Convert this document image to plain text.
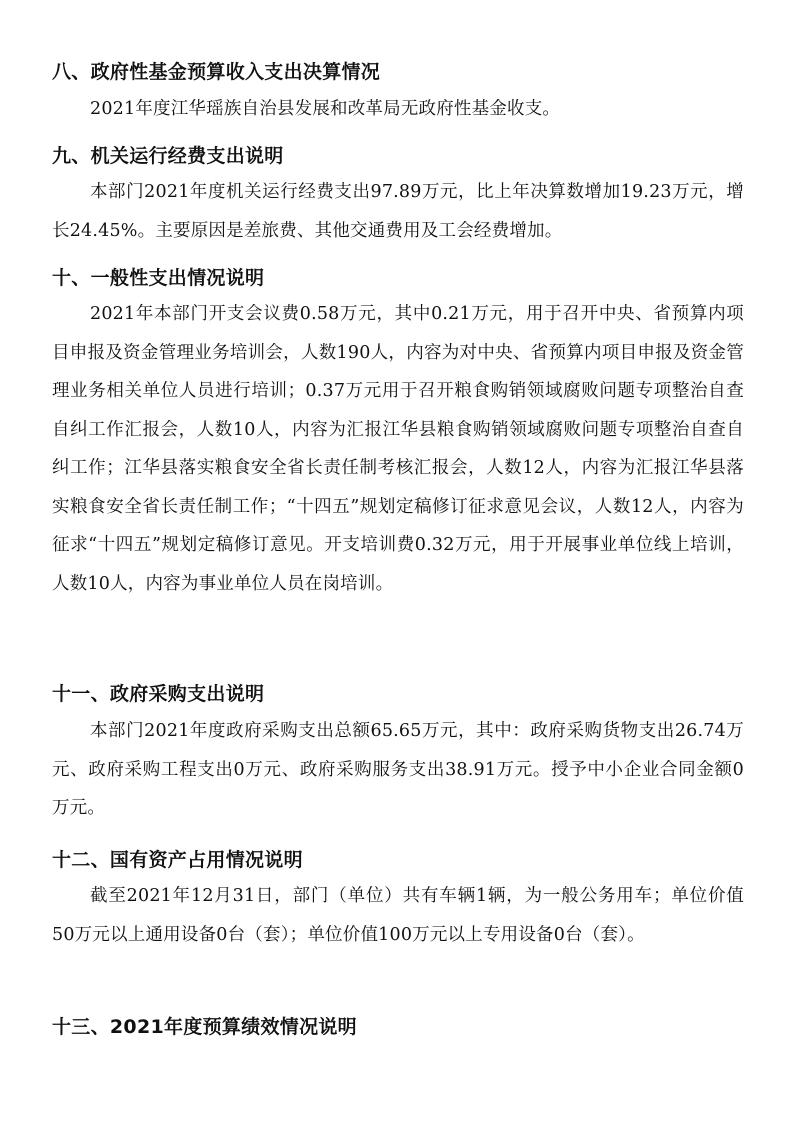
八、政府性基金预算收入支出决算情况

2021年度江华瑶族自治县发展和改革局无政府性基金收支。

九、机关运行经费支出说明

本部门2021年度机关运行经费支出97.89万元，比上年决算数增加19.23万元，增长24.45%。主要原因是差旅费、其他交通费用及工会经费增加。

十、一般性支出情况说明

2021年本部门开支会议费0.58万元，其中0.21万元，用于召开中央、省预算内项目申报及资金管理业务培训会，人数190人，内容为对中央、省预算内项目申报及资金管理业务相关单位人员进行培训；0.37万元用于召开粮食购销领域腐败问题专项整治自查自纠工作汇报会，人数10人，内容为汇报江华县粮食购销领域腐败问题专项整治自查自纠工作；江华县落实粮食安全省长责任制考核汇报会，人数12人，内容为汇报江华县落实粮食安全省长责任制工作；“十四五”规划定稿修订征求意见会议，人数12人，内容为征求“十四五”规划定稿修订意见。开支培训费0.32万元，用于开展事业单位线上培训，人数10人，内容为事业单位人员在岗培训。

十一、政府采购支出说明

本部门2021年度政府采购支出总额65.65万元，其中：政府采购货物支出26.74万元、政府采购工程支出0万元、政府采购服务支出38.91万元。授予中小企业合同金额0万元。

十二、国有资产占用情况说明

截至2021年12月31日，部门（单位）共有车辆1辆，为一般公务用车；单位价值50万元以上通用设备0台（套）；单位价值100万元以上专用设备0台（套）。

十三、2021年度预算绩效情况说明
